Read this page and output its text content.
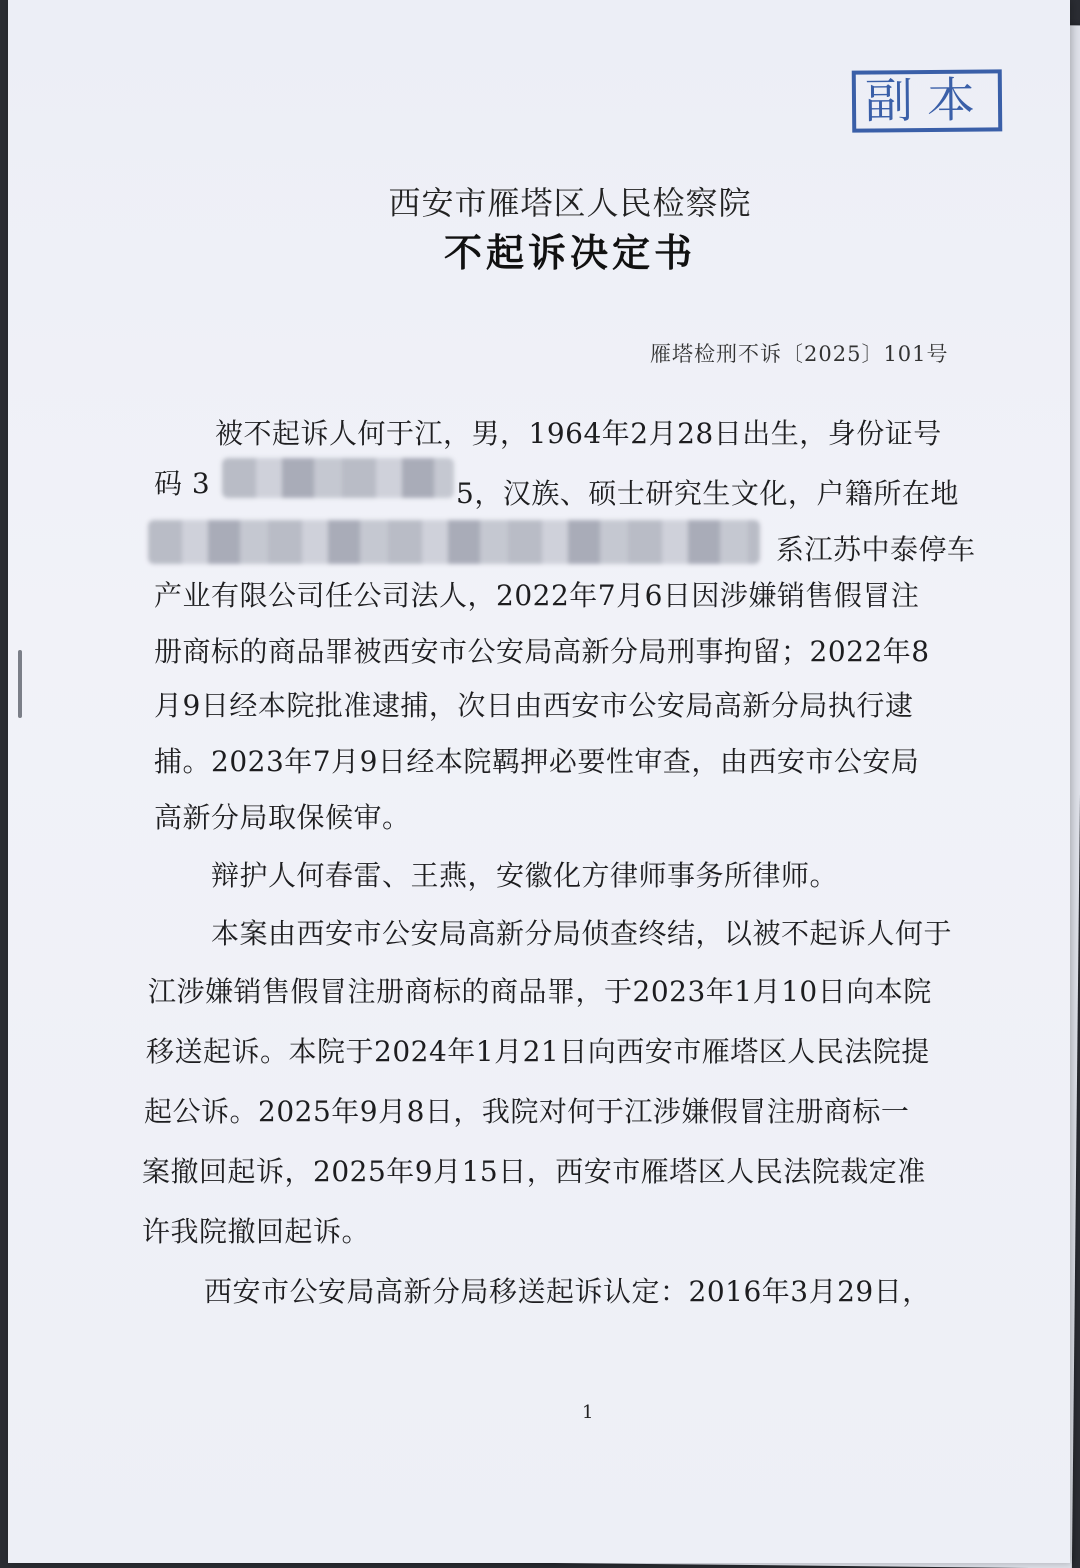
副本
西安市雁塔区人民检察院
不起诉决定书
雁塔检刑不诉〔2025〕101号
被不起诉人何于江，男，1964年2月28日出生，身份证号
码 3	5，汉族、硕士研究生文化，户籍所在地
系江苏中泰停车
产业有限公司任公司法人，2022年7月6日因涉嫌销售假冒注
册商标的商品罪被西安市公安局高新分局刑事拘留；2022年8
月9日经本院批准逮捕，次日由西安市公安局高新分局执行逮
捕。2023年7月9日经本院羁押必要性审查，由西安市公安局
高新分局取保候审。
辩护人何春雷、王燕，安徽化方律师事务所律师。
本案由西安市公安局高新分局侦查终结，以被不起诉人何于
江涉嫌销售假冒注册商标的商品罪，于2023年1月10日向本院
移送起诉。本院于2024年1月21日向西安市雁塔区人民法院提
起公诉。2025年9月8日，我院对何于江涉嫌假冒注册商标一
案撤回起诉，2025年9月15日，西安市雁塔区人民法院裁定准
许我院撤回起诉。
西安市公安局高新分局移送起诉认定：2016年3月29日，
1
